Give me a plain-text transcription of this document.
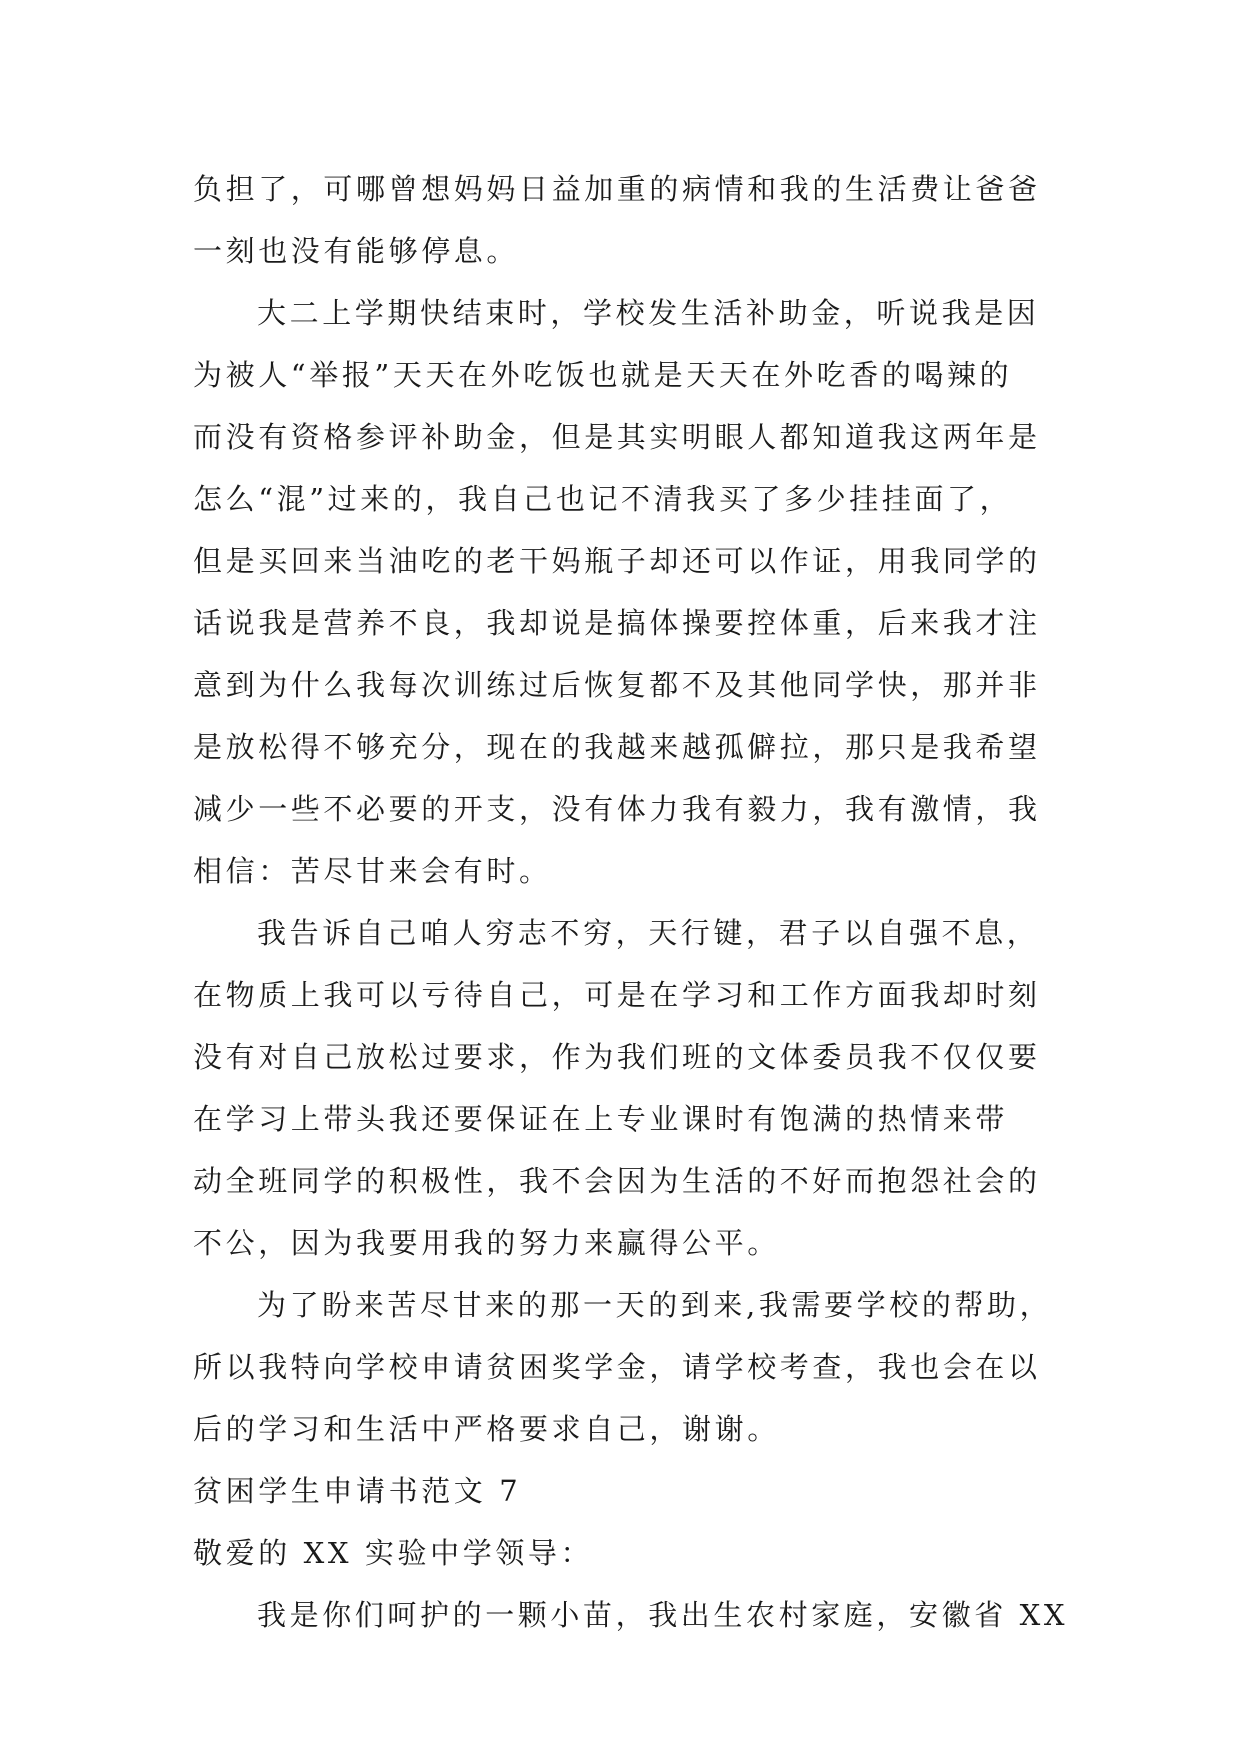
负担了，可哪曾想妈妈日益加重的病情和我的生活费让爸爸
一刻也没有能够停息。
大二上学期快结束时，学校发生活补助金，听说我是因
为被人“举报”天天在外吃饭也就是天天在外吃香的喝辣的
而没有资格参评补助金，但是其实明眼人都知道我这两年是
怎么“混”过来的，我自己也记不清我买了多少挂挂面了，
但是买回来当油吃的老干妈瓶子却还可以作证，用我同学的
话说我是营养不良，我却说是搞体操要控体重，后来我才注
意到为什么我每次训练过后恢复都不及其他同学快，那并非
是放松得不够充分，现在的我越来越孤僻拉，那只是我希望
减少一些不必要的开支，没有体力我有毅力，我有激情，我
相信：苦尽甘来会有时。
我告诉自己咱人穷志不穷，天行键，君子以自强不息，
在物质上我可以亏待自己，可是在学习和工作方面我却时刻
没有对自己放松过要求，作为我们班的文体委员我不仅仅要
在学习上带头我还要保证在上专业课时有饱满的热情来带
动全班同学的积极性，我不会因为生活的不好而抱怨社会的
不公，因为我要用我的努力来赢得公平。
为了盼来苦尽甘来的那一天的到来,我需要学校的帮助，
所以我特向学校申请贫困奖学金，请学校考查，我也会在以
后的学习和生活中严格要求自己，谢谢。
贫困学生申请书范文 7
敬爱的 XX 实验中学领导：
我是你们呵护的一颗小苗，我出生农村家庭，安徽省 XX
